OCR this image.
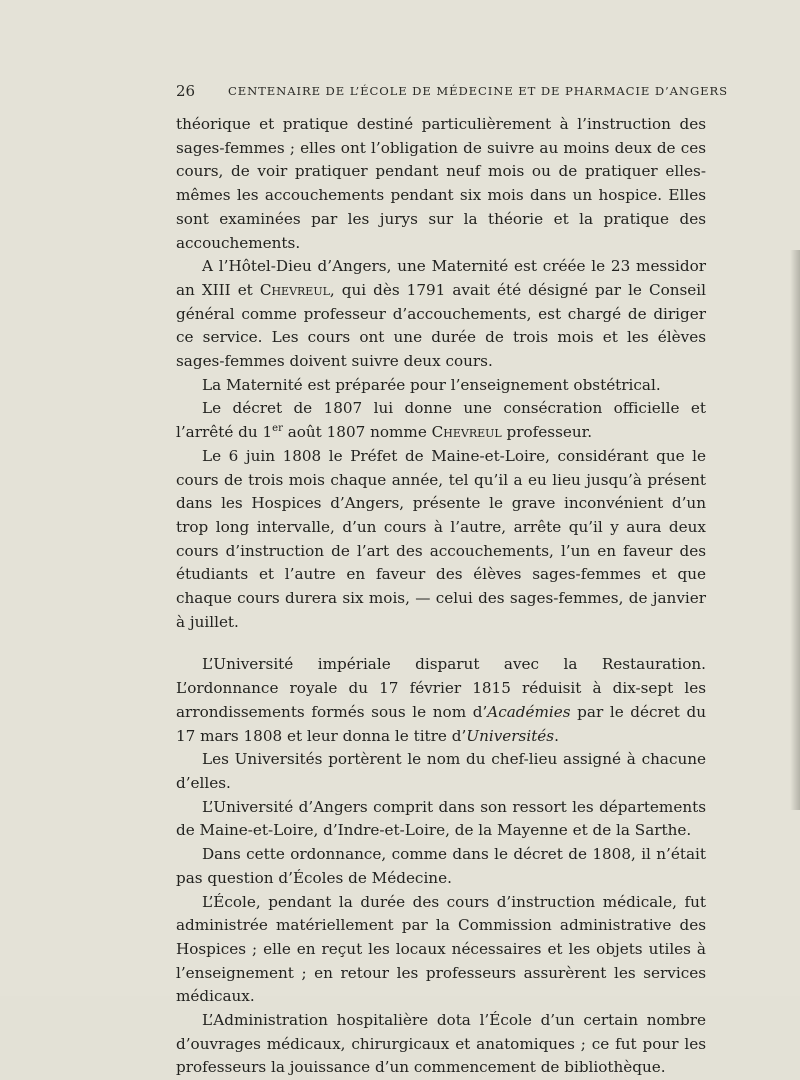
26	CENTENAIRE DE L’ÉCOLE DE MÉDECINE ET DE PHARMACIE D’ANGERS

théorique et pratique destiné particulièrement à l’instruction des sages-femmes ; elles ont l’obligation de suivre au moins deux de ces cours, de voir pratiquer pendant neuf mois ou de pratiquer elles-mêmes les accouchements pendant six mois dans un hospice. Elles sont examinées par les jurys sur la théorie et la pratique des accouchements.

A l’Hôtel-Dieu d’Angers, une Maternité est créée le 23 messidor an XIII et Chevreul, qui dès 1791 avait été désigné par le Conseil général comme professeur d’accouchements, est chargé de diriger ce service. Les cours ont une durée de trois mois et les élèves sages-femmes doivent suivre deux cours.

La Maternité est préparée pour l’enseignement obstétrical.

Le décret de 1807 lui donne une consécration officielle et l’arrêté du 1er août 1807 nomme Chevreul professeur.

Le 6 juin 1808 le Préfet de Maine-et-Loire, considérant que le cours de trois mois chaque année, tel qu’il a eu lieu jusqu’à présent dans les Hospices d’Angers, présente le grave inconvénient d’un trop long intervalle, d’un cours à l’autre, arrête qu’il y aura deux cours d’instruction de l’art des accouchements, l’un en faveur des étudiants et l’autre en faveur des élèves sages-femmes et que chaque cours durera six mois, — celui des sages-femmes, de janvier à juillet.

L’Université impériale disparut avec la Restauration. L’ordonnance royale du 17 février 1815 réduisit à dix-sept les arrondissements formés sous le nom d’Académies par le décret du 17 mars 1808 et leur donna le titre d’Universités.

Les Universités portèrent le nom du chef-lieu assigné à chacune d’elles.

L’Université d’Angers comprit dans son ressort les départements de Maine-et-Loire, d’Indre-et-Loire, de la Mayenne et de la Sarthe.

Dans cette ordonnance, comme dans le décret de 1808, il n’était pas question d’Écoles de Médecine.

L’École, pendant la durée des cours d’instruction médicale, fut administrée matériellement par la Commission administrative des Hospices ; elle en reçut les locaux nécessaires et les objets utiles à l’enseignement ; en retour les professeurs assurèrent les services médicaux.

L’Administration hospitalière dota l’École d’un certain nombre d’ouvrages médicaux, chirurgicaux et anatomiques ; ce fut pour les professeurs la jouissance d’un commencement de bibliothèque.
